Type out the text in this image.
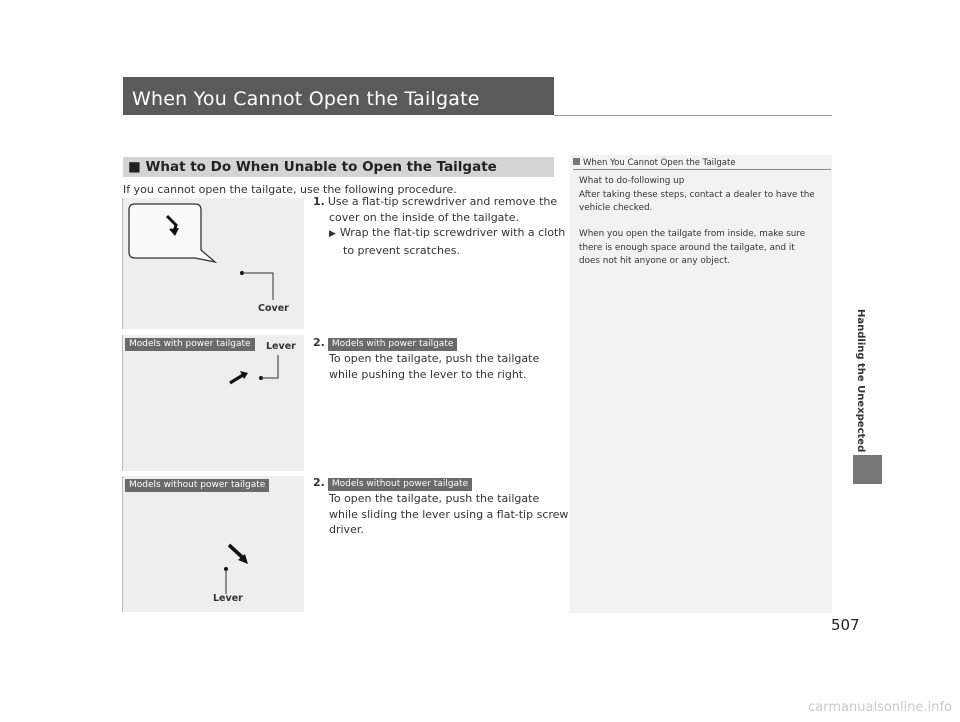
When You Cannot Open the Tailgate
■ What to Do When Unable to Open the Tailgate
If you cannot open the tailgate, use the following procedure.
1. Use a flat-tip screwdriver and remove the
cover on the inside of the tailgate.
▶ Wrap the flat-tip screwdriver with a cloth
to prevent scratches.
2. Models with power tailgate
To open the tailgate, push the tailgate
while pushing the lever to the right.
2. Models without power tailgate
To open the tailgate, push the tailgate
while sliding the lever using a flat-tip screw
driver.
Cover
Models with power tailgate	Lever
Models without power tailgate
Lever
When You Cannot Open the Tailgate
What to do-following up
After taking these steps, contact a dealer to have the
vehicle checked.
When you open the tailgate from inside, make sure
there is enough space around the tailgate, and it
does not hit anyone or any object.
Handling the Unexpected
507
carmanualsonline.info
